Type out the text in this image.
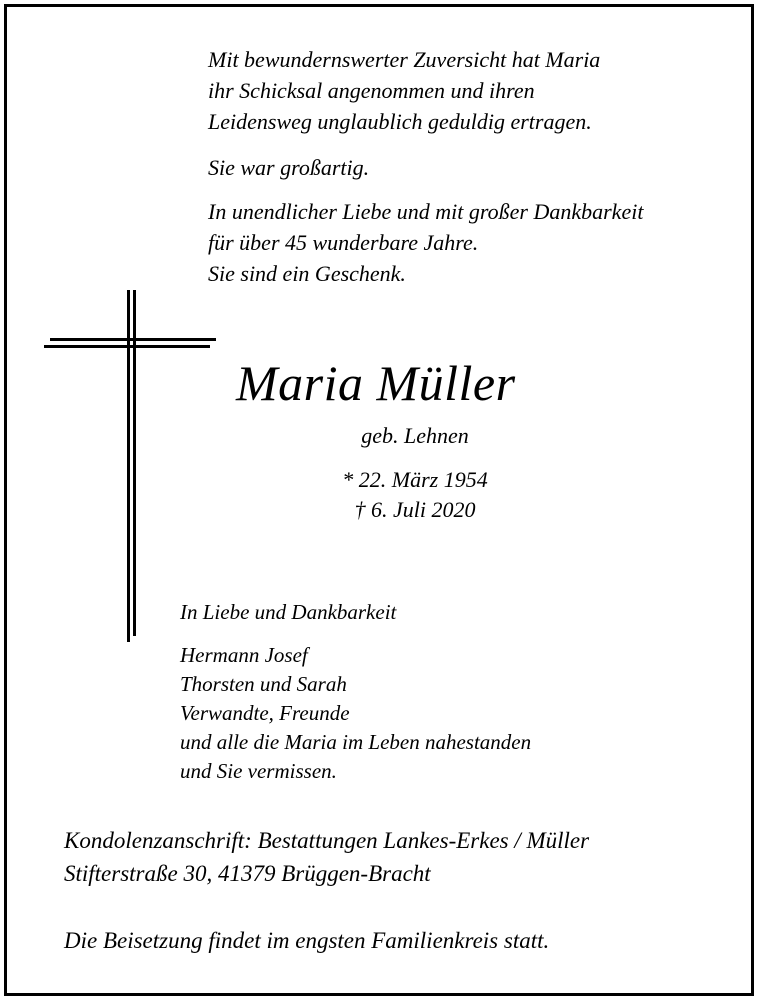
Mit bewundernswerter Zuversicht hat Maria
ihr Schicksal angenommen und ihren
Leidensweg unglaublich geduldig ertragen.
Sie war großartig.
In unendlicher Liebe und mit großer Dankbarkeit
für über 45 wunderbare Jahre.
Sie sind ein Geschenk.
Maria Müller
geb. Lehnen
* 22. März 1954
† 6. Juli 2020
In Liebe und Dankbarkeit
Hermann Josef
Thorsten und Sarah
Verwandte, Freunde
und alle die Maria im Leben nahestanden
und Sie vermissen.
Kondolenzanschrift: Bestattungen Lankes-Erkes / Müller
Stifterstraße 30, 41379 Brüggen-Bracht
Die Beisetzung findet im engsten Familienkreis statt.
